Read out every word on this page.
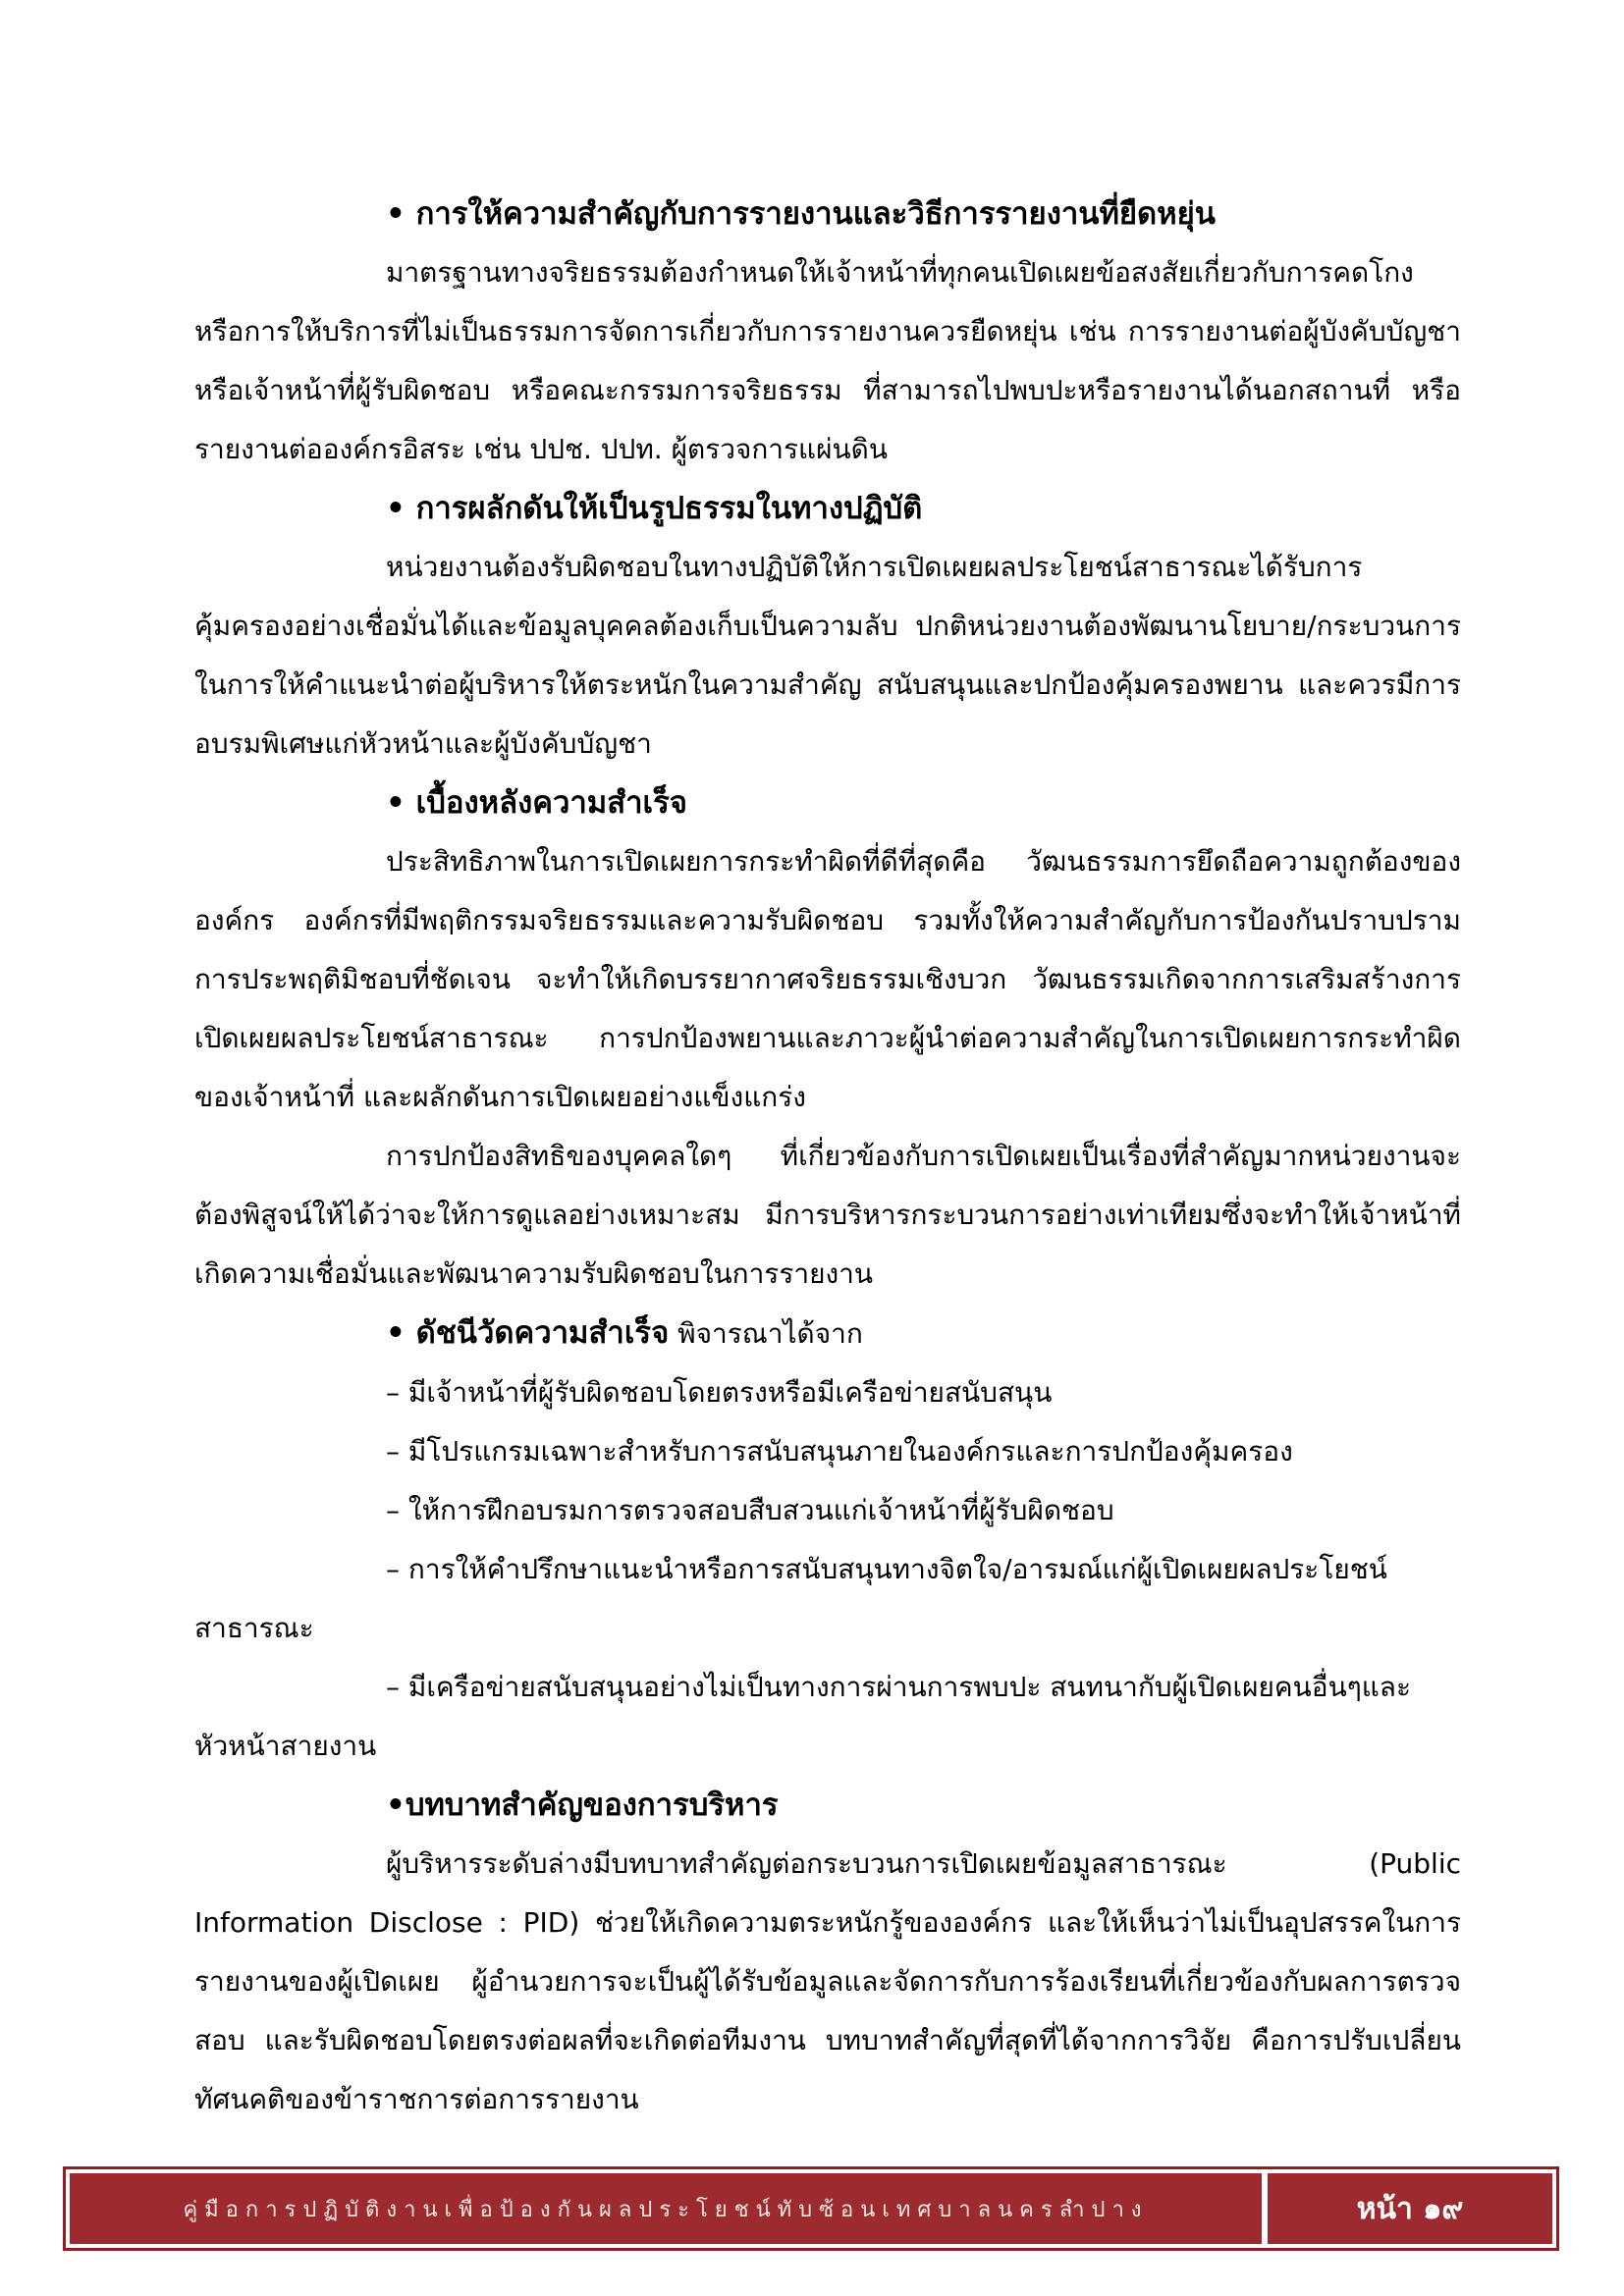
• การให้ความสำคัญกับการรายงานและวิธีการรายงานที่ยืดหยุ่น

มาตรฐานทางจริยธรรมต้องกำหนดให้เจ้าหน้าที่ทุกคนเปิดเผยข้อสงสัยเกี่ยวกับการคดโกงหรือการให้บริการที่ไม่เป็นธรรมการจัดการเกี่ยวกับการรายงานควรยืดหยุ่น เช่น การรายงานต่อผู้บังคับบัญชาหรือเจ้าหน้าที่ผู้รับผิดชอบ หรือคณะกรรมการจริยธรรม ที่สามารถไปพบปะหรือรายงานได้นอกสถานที่ หรือรายงานต่อองค์กรอิสระ เช่น ปปช. ปปท. ผู้ตรวจการแผ่นดิน

• การผลักดันให้เป็นรูปธรรมในทางปฏิบัติ

หน่วยงานต้องรับผิดชอบในทางปฏิบัติให้การเปิดเผยผลประโยชน์สาธารณะได้รับการคุ้มครองอย่างเชื่อมั่นได้และข้อมูลบุคคลต้องเก็บเป็นความลับ ปกติหน่วยงานต้องพัฒนานโยบาย/กระบวนการในการให้คำแนะนำต่อผู้บริหารให้ตระหนักในความสำคัญ สนับสนุนและปกป้องคุ้มครองพยาน และควรมีการอบรมพิเศษแก่หัวหน้าและผู้บังคับบัญชา

• เบื้องหลังความสำเร็จ

ประสิทธิภาพในการเปิดเผยการกระทำผิดที่ดีที่สุดคือ วัฒนธรรมการยึดถือความถูกต้องขององค์กร องค์กรที่มีพฤติกรรมจริยธรรมและความรับผิดชอบ รวมทั้งให้ความสำคัญกับการป้องกันปราบปรามการประพฤติมิชอบที่ชัดเจน จะทำให้เกิดบรรยากาศจริยธรรมเชิงบวก วัฒนธรรมเกิดจากการเสริมสร้างการเปิดเผยผลประโยชน์สาธารณะ การปกป้องพยานและภาวะผู้นำต่อความสำคัญในการเปิดเผยการกระทำผิดของเจ้าหน้าที่ และผลักดันการเปิดเผยอย่างแข็งแกร่ง

การปกป้องสิทธิของบุคคลใดๆ ที่เกี่ยวข้องกับการเปิดเผยเป็นเรื่องที่สำคัญมากหน่วยงานจะต้องพิสูจน์ให้ได้ว่าจะให้การดูแลอย่างเหมาะสม มีการบริหารกระบวนการอย่างเท่าเทียมซึ่งจะทำให้เจ้าหน้าที่เกิดความเชื่อมั่นและพัฒนาความรับผิดชอบในการรายงาน

• ดัชนีวัดความสำเร็จ พิจารณาได้จาก

– มีเจ้าหน้าที่ผู้รับผิดชอบโดยตรงหรือมีเครือข่ายสนับสนุน

– มีโปรแกรมเฉพาะสำหรับการสนับสนุนภายในองค์กรและการปกป้องคุ้มครอง

– ให้การฝึกอบรมการตรวจสอบสืบสวนแก่เจ้าหน้าที่ผู้รับผิดชอบ

– การให้คำปรึกษาแนะนำหรือการสนับสนุนทางจิตใจ/อารมณ์แก่ผู้เปิดเผยผลประโยชน์สาธารณะ

– มีเครือข่ายสนับสนุนอย่างไม่เป็นทางการผ่านการพบปะ สนทนากับผู้เปิดเผยคนอื่นๆและหัวหน้าสายงาน

•บทบาทสำคัญของการบริหาร

ผู้บริหารระดับล่างมีบทบาทสำคัญต่อกระบวนการเปิดเผยข้อมูลสาธารณะ (Public Information Disclose : PID) ช่วยให้เกิดความตระหนักรู้ขององค์กร และให้เห็นว่าไม่เป็นอุปสรรคในการรายงานของผู้เปิดเผย ผู้อำนวยการจะเป็นผู้ได้รับข้อมูลและจัดการกับการร้องเรียนที่เกี่ยวข้องกับผลการตรวจสอบ และรับผิดชอบโดยตรงต่อผลที่จะเกิดต่อทีมงาน บทบาทสำคัญที่สุดที่ได้จากการวิจัย คือการปรับเปลี่ยนทัศนคติของข้าราชการต่อการรายงาน

คู่มือการปฏิบัติงานเพื่อป้องกันผลประโยชน์ทับซ้อนเทศบาลนครลำปาง	หน้า ๑๙
